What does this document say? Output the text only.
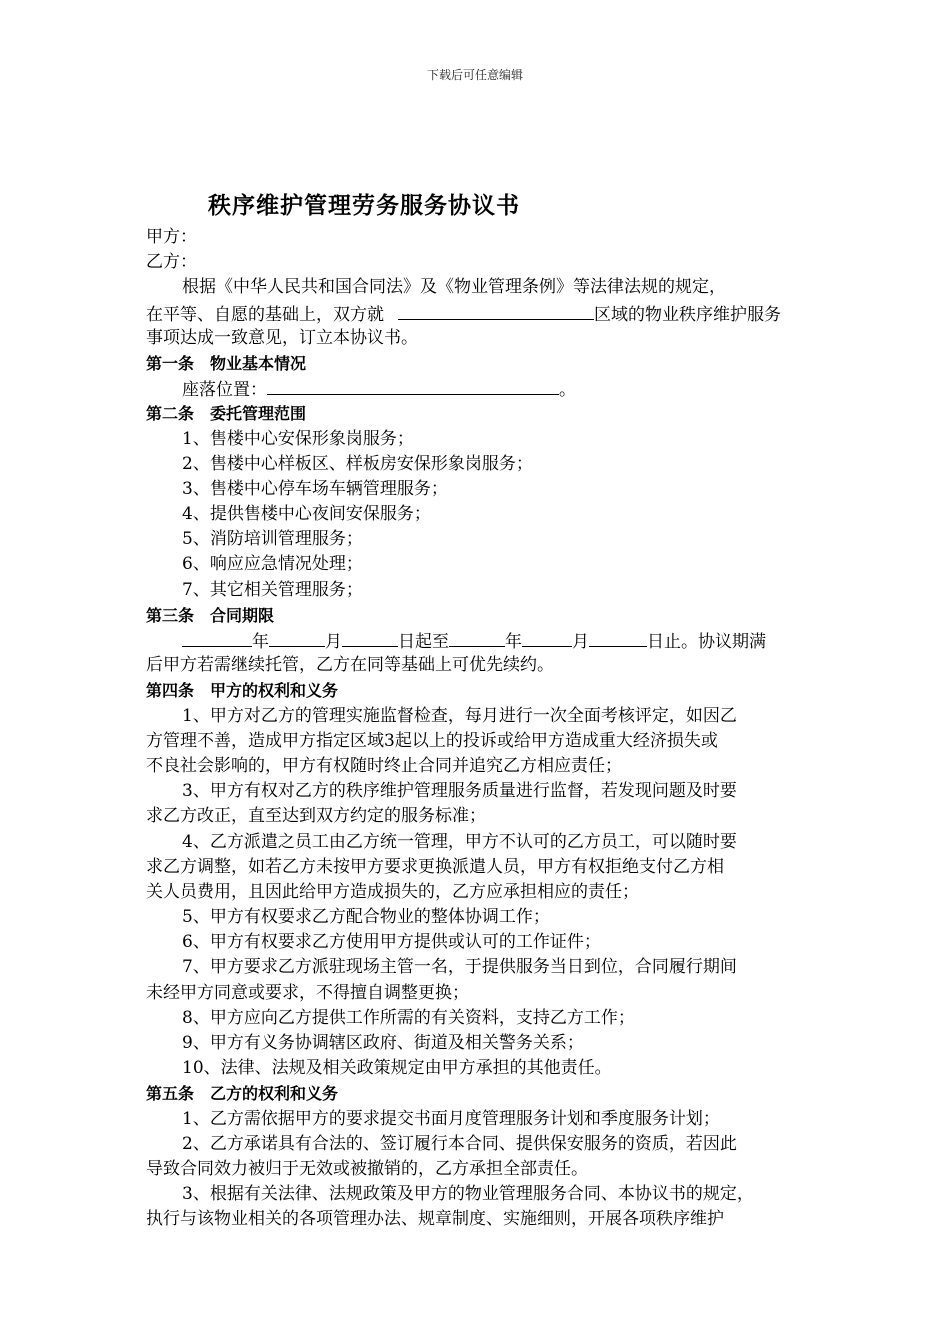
下载后可任意编辑
秩序维护管理劳务服务协议书
甲方：
乙方：
根据《中华人民共和国合同法》及《物业管理条例》等法律法规的规定，
在平等、自愿的基础上，双方就	区域的物业秩序维护服务
事项达成一致意见，订立本协议书。
第一条　物业基本情况
座落位置：	。
第二条　委托管理范围
1、售楼中心安保形象岗服务；
2、售楼中心样板区、样板房安保形象岗服务；
3、售楼中心停车场车辆管理服务；
4、提供售楼中心夜间安保服务；
5、消防培训管理服务；
6、响应应急情况处理；
7、其它相关管理服务；
第三条　合同期限
年	月	日起至	年	月	日止。协议期满
后甲方若需继续托管，乙方在同等基础上可优先续约。
第四条　甲方的权利和义务
1、甲方对乙方的管理实施监督检查，每月进行一次全面考核评定，如因乙
方管理不善，造成甲方指定区域3起以上的投诉或给甲方造成重大经济损失或
不良社会影响的，甲方有权随时终止合同并追究乙方相应责任；
3、甲方有权对乙方的秩序维护管理服务质量进行监督，若发现问题及时要
求乙方改正，直至达到双方约定的服务标准；
4、乙方派遣之员工由乙方统一管理，甲方不认可的乙方员工，可以随时要
求乙方调整，如若乙方未按甲方要求更换派遣人员，甲方有权拒绝支付乙方相
关人员费用，且因此给甲方造成损失的，乙方应承担相应的责任；
5、甲方有权要求乙方配合物业的整体协调工作；
6、甲方有权要求乙方使用甲方提供或认可的工作证件；
7、甲方要求乙方派驻现场主管一名，于提供服务当日到位，合同履行期间
未经甲方同意或要求，不得擅自调整更换；
8、甲方应向乙方提供工作所需的有关资料，支持乙方工作；
9、甲方有义务协调辖区政府、街道及相关警务关系；
10、法律、法规及相关政策规定由甲方承担的其他责任。
第五条　乙方的权利和义务
1、乙方需依据甲方的要求提交书面月度管理服务计划和季度服务计划；
2、乙方承诺具有合法的、签订履行本合同、提供保安服务的资质，若因此
导致合同效力被归于无效或被撤销的，乙方承担全部责任。
3、根据有关法律、法规政策及甲方的物业管理服务合同、本协议书的规定，
执行与该物业相关的各项管理办法、规章制度、实施细则，开展各项秩序维护
